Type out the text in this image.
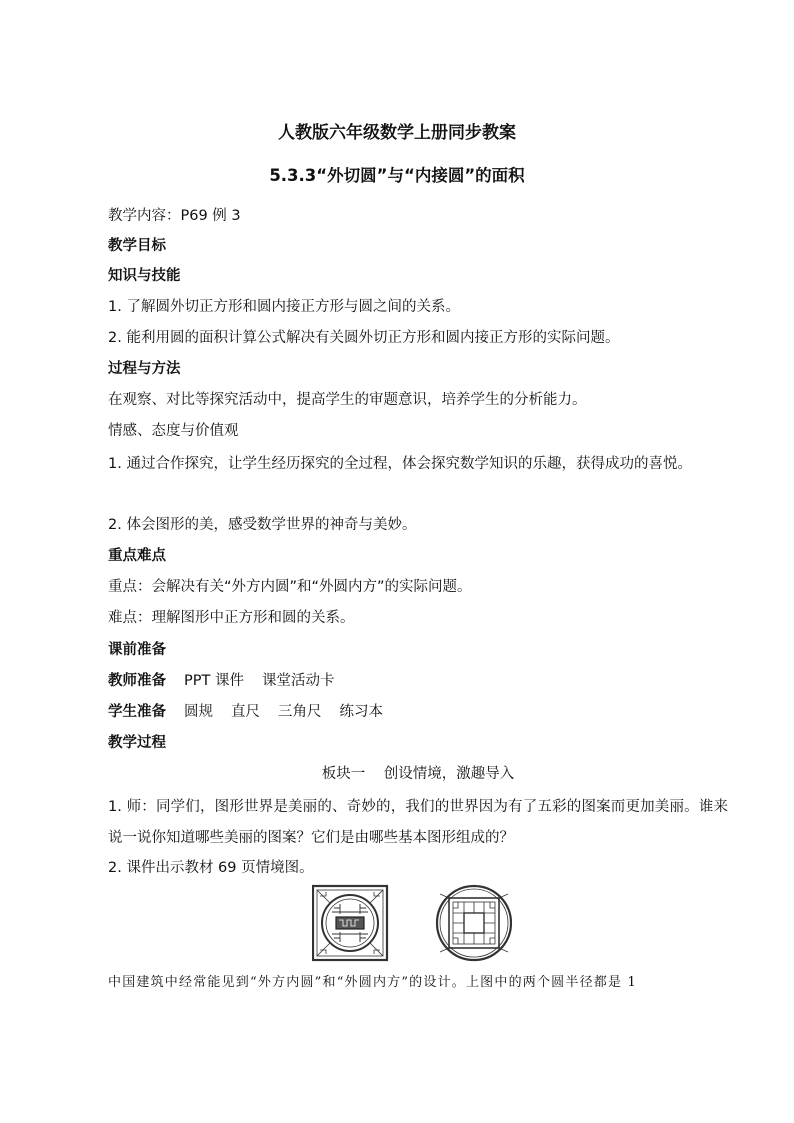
人教版六年级数学上册同步教案
5.3.3“外切圆”与“内接圆”的面积
教学内容：P69 例 3
教学目标
知识与技能
1. 了解圆外切正方形和圆内接正方形与圆之间的关系。
2. 能利用圆的面积计算公式解决有关圆外切正方形和圆内接正方形的实际问题。
过程与方法
在观察、对比等探究活动中，提高学生的审题意识，培养学生的分析能力。
情感、态度与价值观
1. 通过合作探究，让学生经历探究的全过程，体会探究数学知识的乐趣，获得成功的喜悦。
2. 体会图形的美，感受数学世界的神奇与美妙。
重点难点
重点：会解决有关“外方内圆”和“外圆内方”的实际问题。
难点：理解图形中正方形和圆的关系。
课前准备
教师准备 PPT 课件 课堂活动卡
学生准备 圆规 直尺 三角尺 练习本
教学过程
板块一    创设情境，激趣导入
1. 师：同学们，图形世界是美丽的、奇妙的，我们的世界因为有了五彩的图案而更加美丽。谁来说一说你知道哪些美丽的图案？它们是由哪些基本图形组成的？
2. 课件出示教材 69 页情境图。
中国建筑中经常能见到“外方内圆”和“外圆内方”的设计。上图中的两个圆半径都是 1
